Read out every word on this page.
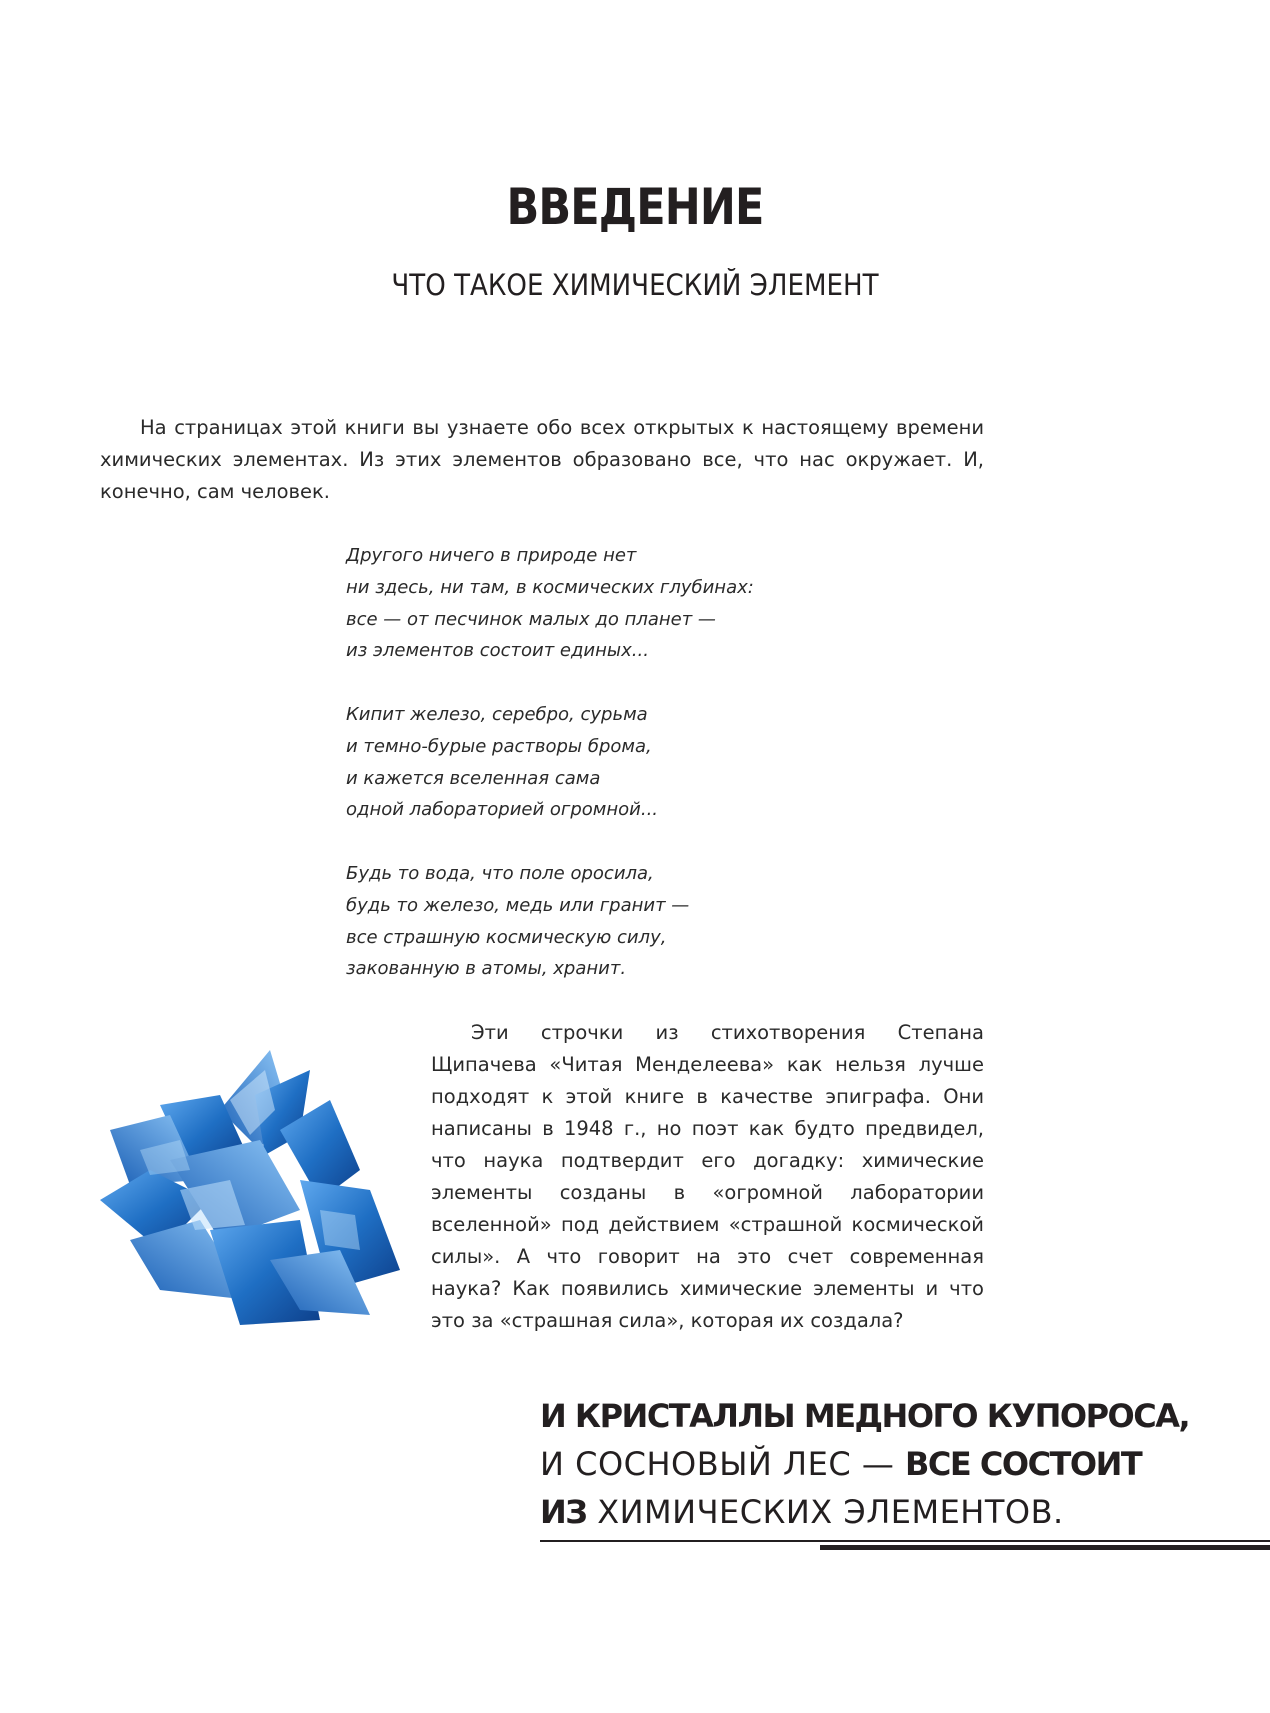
ВВЕДЕНИЕ
ЧТО ТАКОЕ ХИМИЧЕСКИЙ ЭЛЕМЕНТ

На страницах этой книги вы узнаете обо всех открытых к настоящему времени химических элементах. Из этих элементов образовано все, что нас окружает. И, конечно, сам человек.

Другого ничего в природе нет
ни здесь, ни там, в космических глубинах:
все — от песчинок малых до планет —
из элементов состоит единых...
Кипит железо, серебро, сурьма
и темно-бурые растворы брома,
и кажется вселенная сама
одной лабораторией огромной...
Будь то вода, что поле оросила,
будь то железо, медь или гранит —
все страшную космическую силу,
закованную в атомы, хранит.

Эти строчки из стихотворения Степана Щипачева «Читая Менделеева» как нельзя лучше подходят к этой книге в качестве эпиграфа. Они написаны в 1948 г., но поэт как будто предвидел, что наука подтвердит его догадку: химические элементы созданы в «огромной лаборатории вселенной» под действием «страшной космической силы». А что говорит на это счет современная наука? Как появились химические элементы и что это за «страшная сила», которая их создала?

И КРИСТАЛЛЫ МЕДНОГО КУПОРОСА,
И СОСНОВЫЙ ЛЕС — ВСЕ СОСТОИТ
ИЗ ХИМИЧЕСКИХ ЭЛЕМЕНТОВ.
